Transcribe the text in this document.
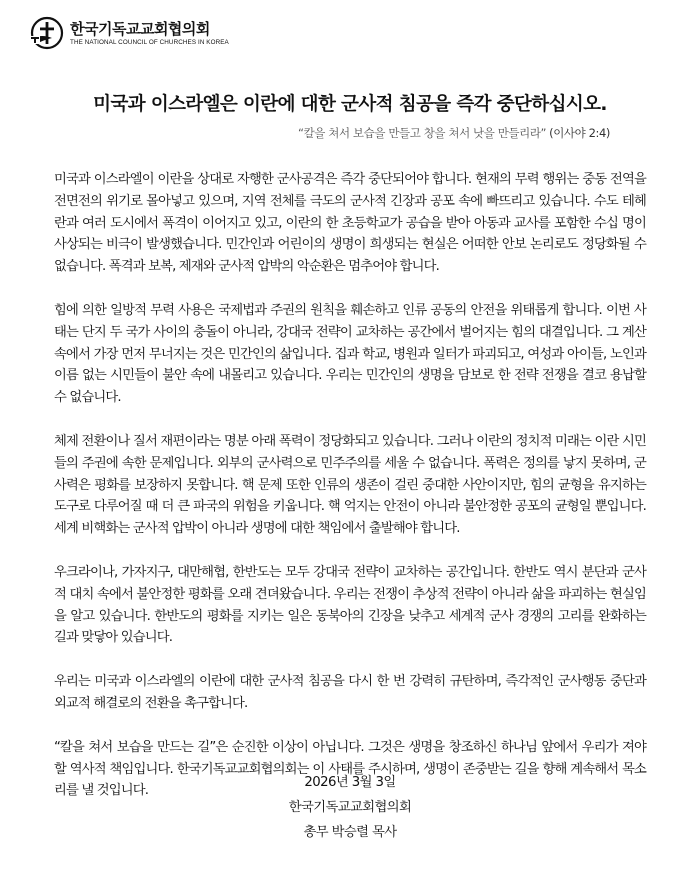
한국기독교교회협의회
THE NATIONAL COUNCIL OF CHURCHES IN KOREA
미국과 이스라엘은 이란에 대한 군사적 침공을 즉각 중단하십시오.
“칼을 쳐서 보습을 만들고 창을 쳐서 낫을 만들리라” (이사야 2:4)

미국과 이스라엘이 이란을 상대로 자행한 군사공격은 즉각 중단되어야 합니다. 현재의 무력 행위는 중동 전역을 전면전의 위기로 몰아넣고 있으며, 지역 전체를 극도의 군사적 긴장과 공포 속에 빠뜨리고 있습니다. 수도 테헤란과 여러 도시에서 폭격이 이어지고 있고, 이란의 한 초등학교가 공습을 받아 아동과 교사를 포함한 수십 명이 사상되는 비극이 발생했습니다. 민간인과 어린이의 생명이 희생되는 현실은 어떠한 안보 논리로도 정당화될 수 없습니다. 폭격과 보복, 제재와 군사적 압박의 악순환은 멈추어야 합니다.

힘에 의한 일방적 무력 사용은 국제법과 주권의 원칙을 훼손하고 인류 공동의 안전을 위태롭게 합니다. 이번 사태는 단지 두 국가 사이의 충돌이 아니라, 강대국 전략이 교차하는 공간에서 벌어지는 힘의 대결입니다. 그 계산 속에서 가장 먼저 무너지는 것은 민간인의 삶입니다. 집과 학교, 병원과 일터가 파괴되고, 여성과 아이들, 노인과 이름 없는 시민들이 불안 속에 내몰리고 있습니다. 우리는 민간인의 생명을 담보로 한 전략 전쟁을 결코 용납할 수 없습니다.

체제 전환이나 질서 재편이라는 명분 아래 폭력이 정당화되고 있습니다. 그러나 이란의 정치적 미래는 이란 시민들의 주권에 속한 문제입니다. 외부의 군사력으로 민주주의를 세울 수 없습니다. 폭력은 정의를 낳지 못하며, 군사력은 평화를 보장하지 못합니다. 핵 문제 또한 인류의 생존이 걸린 중대한 사안이지만, 힘의 균형을 유지하는 도구로 다루어질 때 더 큰 파국의 위험을 키웁니다. 핵 억지는 안전이 아니라 불안정한 공포의 균형일 뿐입니다. 세계 비핵화는 군사적 압박이 아니라 생명에 대한 책임에서 출발해야 합니다.

우크라이나, 가자지구, 대만해협, 한반도는 모두 강대국 전략이 교차하는 공간입니다. 한반도 역시 분단과 군사적 대치 속에서 불안정한 평화를 오래 견뎌왔습니다. 우리는 전쟁이 추상적 전략이 아니라 삶을 파괴하는 현실임을 알고 있습니다. 한반도의 평화를 지키는 일은 동북아의 긴장을 낮추고 세계적 군사 경쟁의 고리를 완화하는 길과 맞닿아 있습니다.

우리는 미국과 이스라엘의 이란에 대한 군사적 침공을 다시 한 번 강력히 규탄하며, 즉각적인 군사행동 중단과 외교적 해결로의 전환을 촉구합니다.

“칼을 쳐서 보습을 만드는 길”은 순진한 이상이 아닙니다. 그것은 생명을 창조하신 하나님 앞에서 우리가 져야 할 역사적 책임입니다. 한국기독교교회협의회는 이 사태를 주시하며, 생명이 존중받는 길을 향해 계속해서 목소리를 낼 것입니다.

2026년 3월 3일
한국기독교교회협의회
총무 박승렬 목사
